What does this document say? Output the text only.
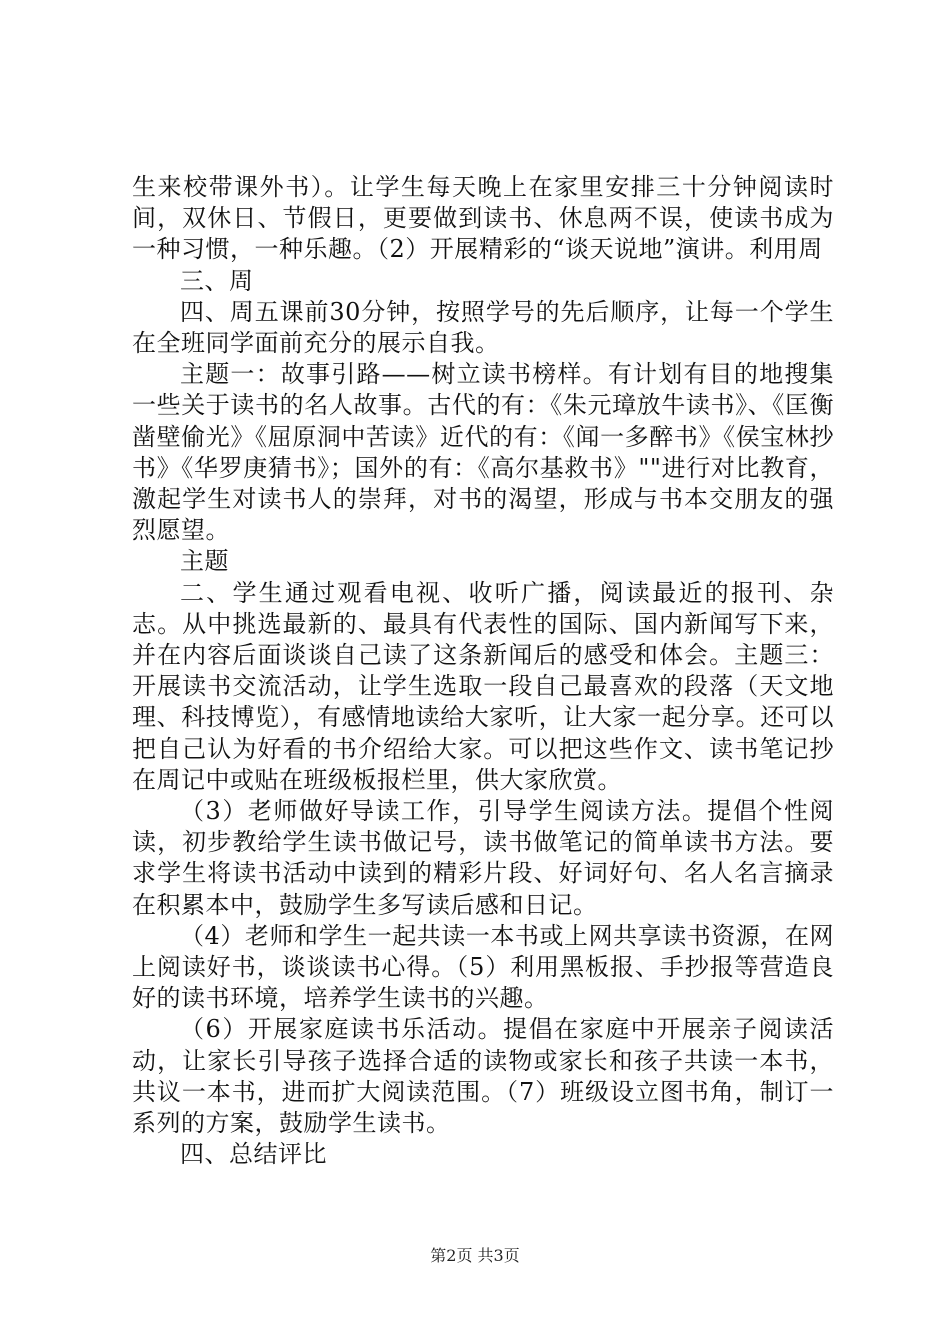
生来校带课外书）。让学生每天晚上在家里安排三十分钟阅读时间，双休日、节假日，更要做到读书、休息两不误，使读书成为一种习惯，一种乐趣。（2）开展精彩的“谈天说地”演讲。利用周

三、周

四、周五课前30分钟，按照学号的先后顺序，让每一个学生在全班同学面前充分的展示自我。

主题一：故事引路——树立读书榜样。有计划有目的地搜集一些关于读书的名人故事。古代的有：《朱元璋放牛读书》、《匡衡凿壁偷光》《屈原洞中苦读》近代的有：《闻一多醉书》《侯宝林抄书》《华罗庚猜书》；国外的有：《高尔基救书》""进行对比教育，激起学生对读书人的崇拜，对书的渴望，形成与书本交朋友的强烈愿望。

主题

二、学生通过观看电视、收听广播，阅读最近的报刊、杂志。从中挑选最新的、最具有代表性的国际、国内新闻写下来，并在内容后面谈谈自己读了这条新闻后的感受和体会。主题三：开展读书交流活动，让学生选取一段自己最喜欢的段落（天文地理、科技博览），有感情地读给大家听，让大家一起分享。还可以把自己认为好看的书介绍给大家。可以把这些作文、读书笔记抄在周记中或贴在班级板报栏里，供大家欣赏。

（3）老师做好导读工作，引导学生阅读方法。提倡个性阅读，初步教给学生读书做记号，读书做笔记的简单读书方法。要求学生将读书活动中读到的精彩片段、好词好句、名人名言摘录在积累本中，鼓励学生多写读后感和日记。

（4）老师和学生一起共读一本书或上网共享读书资源，在网上阅读好书，谈谈读书心得。（5）利用黑板报、手抄报等营造良好的读书环境，培养学生读书的兴趣。

（6）开展家庭读书乐活动。提倡在家庭中开展亲子阅读活动，让家长引导孩子选择合适的读物或家长和孩子共读一本书，共议一本书，进而扩大阅读范围。（7）班级设立图书角，制订一系列的方案，鼓励学生读书。

四、总结评比

第2页 共3页
